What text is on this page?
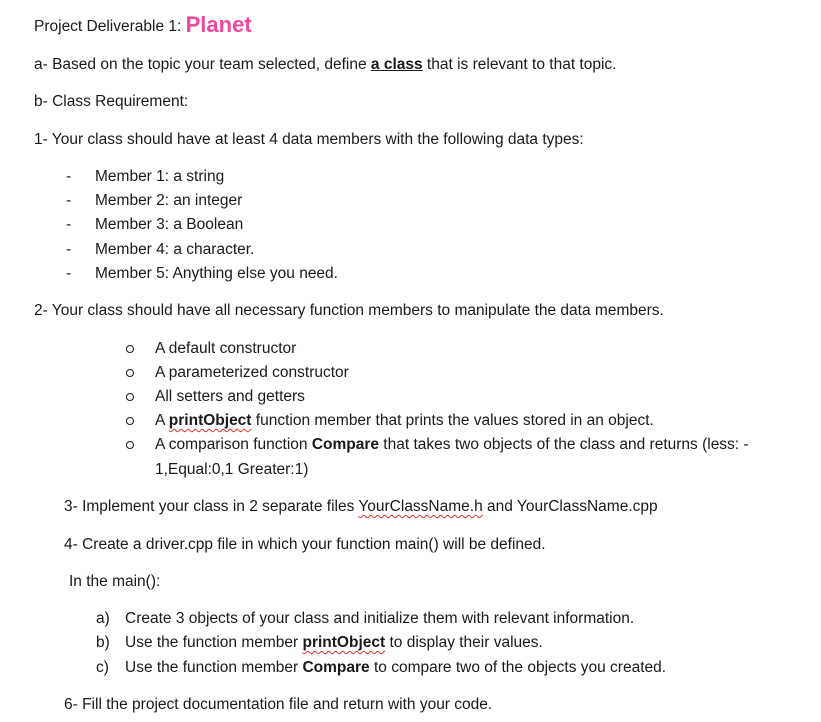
Project Deliverable 1: Planet
a- Based on the topic your team selected, define a class that is relevant to that topic.
b- Class Requirement:
1- Your class should have at least 4 data members with the following data types:
- Member 1: a string
- Member 2: an integer
- Member 3: a Boolean
- Member 4: a character.
- Member 5: Anything else you need.
2- Your class should have all necessary function members to manipulate the data members.
A default constructor
A parameterized constructor
All setters and getters
A printObject function member that prints the values stored in an object.
A comparison function Compare that takes two objects of the class and returns (less: -
1,Equal:0,1 Greater:1)
3- Implement your class in 2 separate files YourClassName.h and YourClassName.cpp
4- Create a driver.cpp file in which your function main() will be defined.
In the main():
a) Create 3 objects of your class and initialize them with relevant information.
b) Use the function member printObject to display their values.
c) Use the function member Compare to compare two of the objects you created.
6- Fill the project documentation file and return with your code.
